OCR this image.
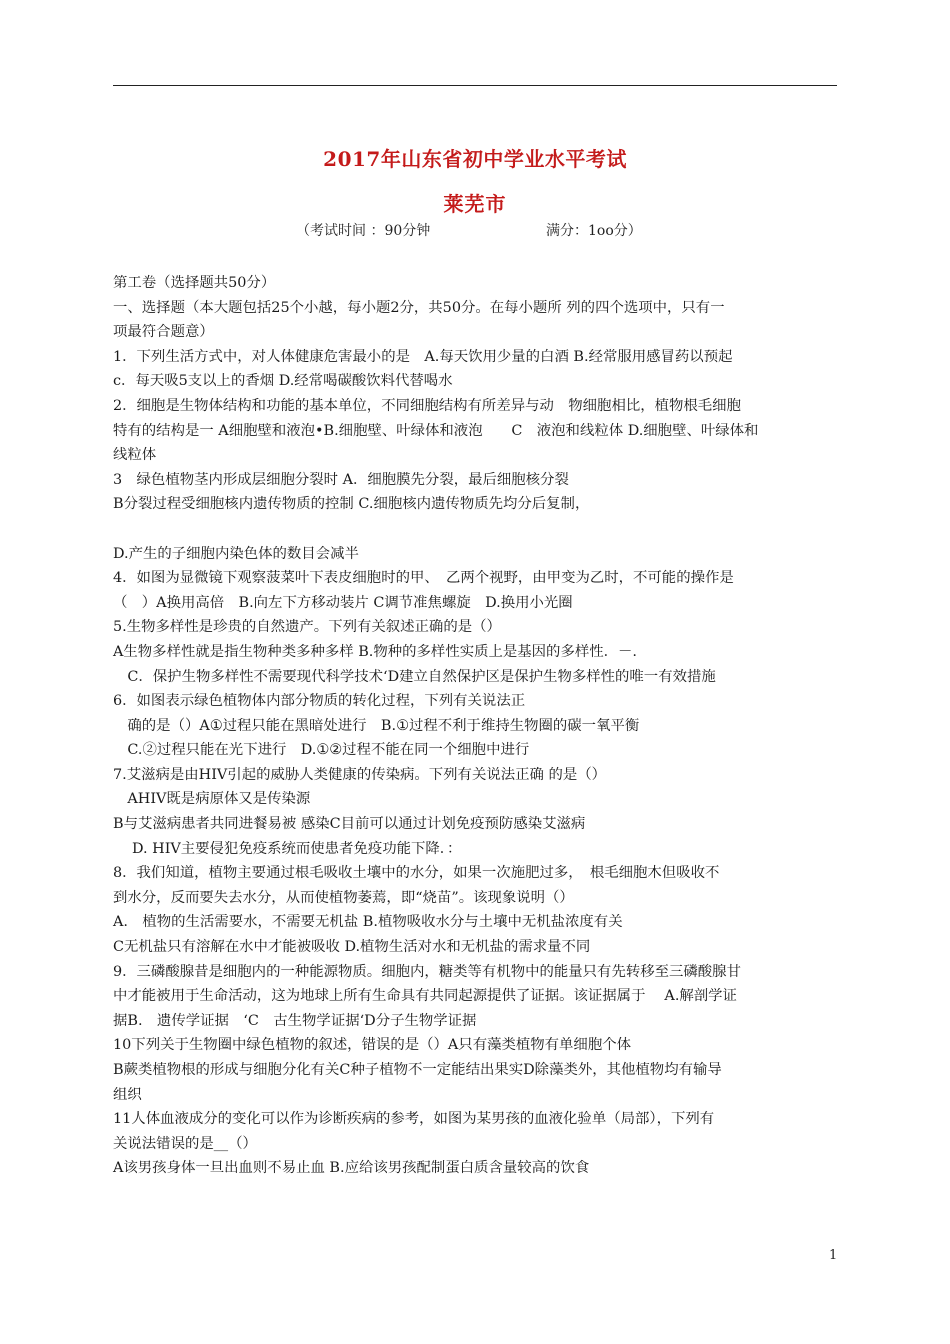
2017年山东省初中学业水平考试
莱芜市
（考试时间 ：90分钟	满分：1oo分）
第工卷（选择题共50分）
一、选择题（本大题包括25个小越，每小题2分，共50分。在每小题所 列的四个选项中，只有一
项最符合题意）
1．下列生活方式中，对人体健康危害最小的是　A.每天饮用少量的白酒 B.经常服用感冒药以预起
c．每天吸5支以上的香烟 D.经常喝碳酸饮料代替喝水
2．细胞是生物体结构和功能的基本单位，不同细胞结构有所差异与动　物细胞相比，植物根毛细胞
特有的结构是一 A细胞壁和液泡•B.细胞壁、叶绿体和液泡　　C　液泡和线粒体 D.细胞壁、叶绿体和
线粒体
3　绿色植物茎内形成层细胞分裂时 A．细胞膜先分裂，最后细胞核分裂
B分裂过程受细胞核内遗传物质的控制 C.细胞核内遗传物质先均分后复制，
D.产生的子细胞内染色体的数目会减半
4．如图为显微镜下观察菠菜叶下表皮细胞时的甲、　乙两个视野，由甲变为乙时，不可能的操作是
（　）A换用高倍　B.向左下方移动装片 C调节准焦螺旋　D.换用小光圈
5.生物多样性是珍贵的自然遗产。下列有关叙述正确的是（）
A生物多样性就是指生物种类多种多样 B.物种的多样性实质上是基因的多样性．－.
　C．保护生物多样性不需要现代科学技术‘D建立自然保护区是保护生物多样性的唯一有效措施
6．如图表示绿色植物体内部分物质的转化过程，下列有关说法正
　确的是（）A①过程只能在黑暗处进行　B.①过程不利于维持生物圈的碳一氧平衡
　C.②过程只能在光下进行　D.①②过程不能在同一个细胞中进行
7.艾滋病是由HIV引起的威胁人类健康的传染病。下列有关说法正确 的是（）
　AHIV既是病原体又是传染源
B与艾滋病患者共同进餐易被 感染C目前可以通过计划免疫预防感染艾滋病
　 D. HIV主要侵犯免疫系统而使患者免疫功能下降．：
8．我们知道，植物主要通过根毛吸收土壤中的水分，如果一次施肥过多，　根毛细胞木但吸收不
到水分，反而要失去水分，从而使植物萎蔫，即“烧苗”。该现象说明（）
A.　植物的生活需要水，不需要无机盐 B.植物吸收水分与土壤中无机盐浓度有关
C无机盐只有溶解在水中才能被吸收 D.植物生活对水和无机盐的需求量不同
9．三磷酸腺昔是细胞内的一种能源物质。细胞内，糖类等有机物中的能量只有先转移至三磷酸腺甘
中才能被用于生命活动，这为地球上所有生命具有共同起源提供了证据。该证据属于　 A.解剖学证
据B.　遗传学证据　‘C　古生物学证据‘D分子生物学证据
10下列关于生物圈中绿色植物的叙述，错误的是（）A只有藻类植物有单细胞个体
B蕨类植物根的形成与细胞分化有关C种子植物不一定能结出果实D除藻类外，其他植物均有输导
组织
11人体血液成分的变化可以作为诊断疾病的参考，如图为某男孩的血液化验单（局部），下列有
关说法错误的是__（）
A该男孩身体一旦出血则不易止血 B.应给该男孩配制蛋白质含量较高的饮食
1
